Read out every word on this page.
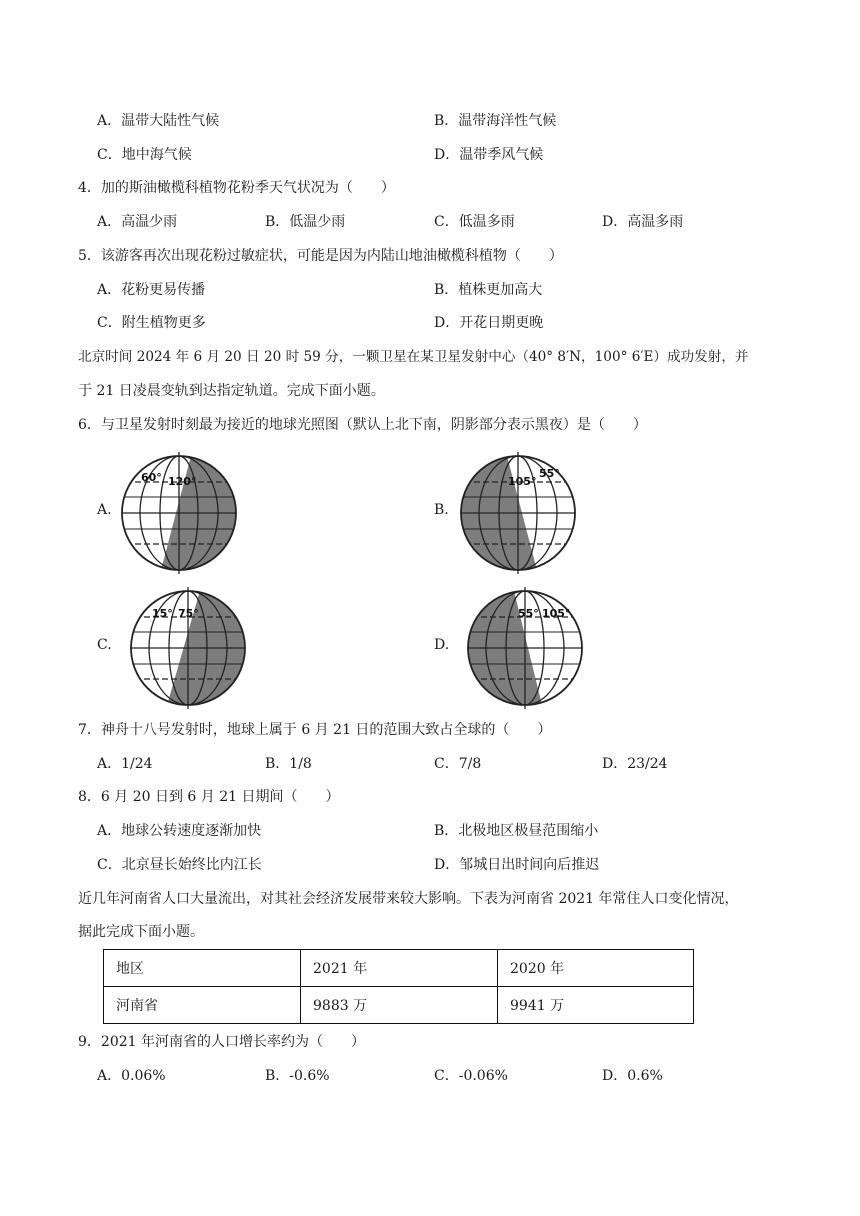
A．温带大陆性气候	B．温带海洋性气候
C．地中海气候	D．温带季风气候
4．加的斯油橄榄科植物花粉季天气状况为（　　）
A．高温少雨	B．低温少雨	C．低温多雨	D．高温多雨
5．该游客再次出现花粉过敏症状，可能是因为内陆山地油橄榄科植物（　　）
A．花粉更易传播	B．植株更加高大
C．附生植物更多	D．开花日期更晚
北京时间 2024 年 6 月 20 日 20 时 59 分，一颗卫星在某卫星发射中心（40° 8′N，100° 6′E）成功发射，并
于 21 日凌晨变轨到达指定轨道。完成下面小题。
6．与卫星发射时刻最为接近的地球光照图（默认上北下南，阴影部分表示黑夜）是（　　）
A.	B.
C.	D.
60° 120°	105°
55°
15° 75°	55° 105°
7．神舟十八号发射时，地球上属于 6 月 21 日的范围大致占全球的（　　）
A．1/24	B．1/8	C．7/8	D．23/24
8．6 月 20 日到 6 月 21 日期间（　　）
A．地球公转速度逐渐加快	B．北极地区极昼范围缩小
C．北京昼长始终比内江长	D．邹城日出时间向后推迟
近几年河南省人口大量流出，对其社会经济发展带来较大影响。下表为河南省 2021 年常住人口变化情况，
据此完成下面小题。
地区	2021 年	2020 年
河南省	9883 万	9941 万
9．2021 年河南省的人口增长率约为（　　）
A．0.06%	B．-0.6%	C．-0.06%	D．0.6%
